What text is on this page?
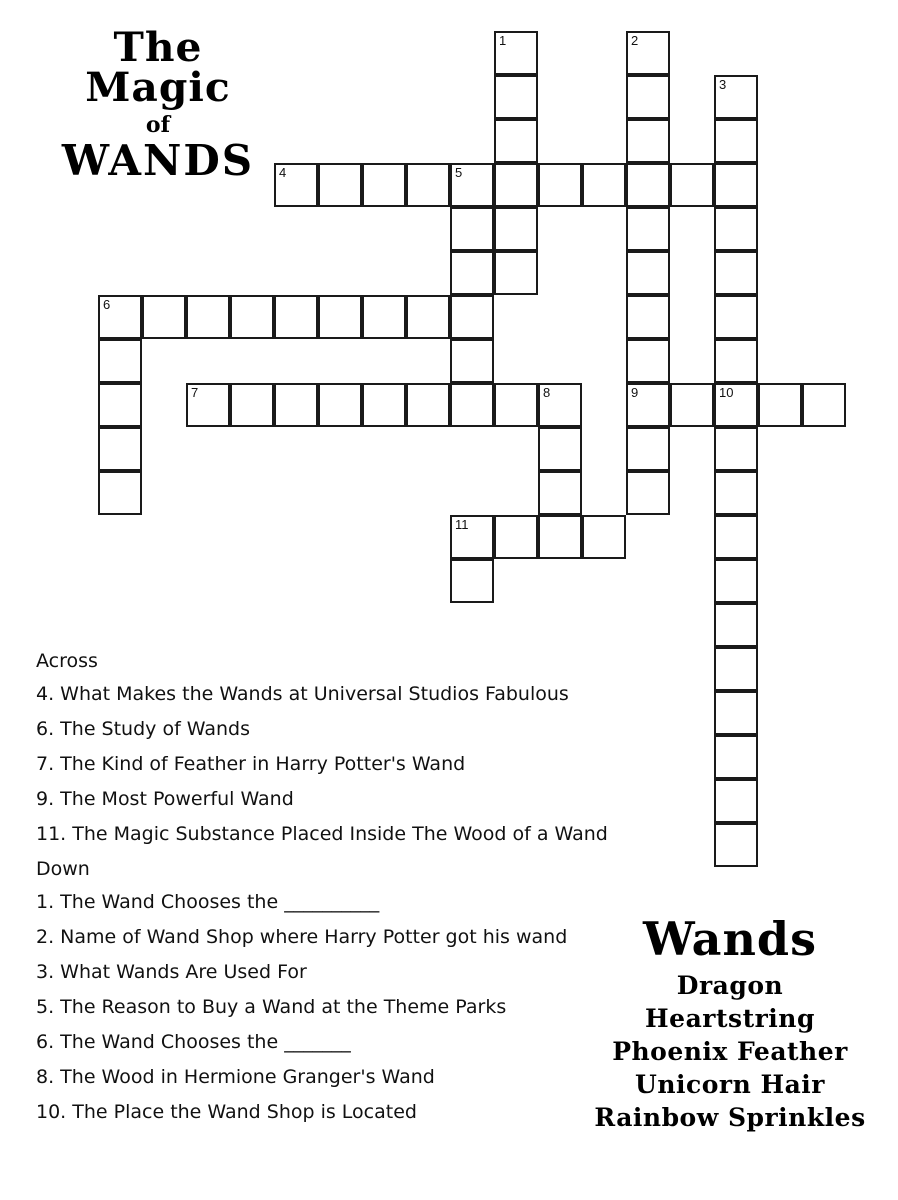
The Magic
of
WANDS
1	2
3
4	5
6
7	8	9	10
11

Across

4. What Makes the Wands at Universal Studios Fabulous
6. The Study of Wands
7. The Kind of Feather in Harry Potter's Wand
9. The Most Powerful Wand
11. The Magic Substance Placed Inside The Wood of a Wand

Down

1. The Wand Chooses the __________
2. Name of Wand Shop where Harry Potter got his wand
3. What Wands Are Used For
5. The Reason to Buy a Wand at the Theme Parks
6. The Wand Chooses the _______
8. The Wood in Hermione Granger's Wand
10. The Place the Wand Shop is Located
Wands
Dragon Heartstring
Phoenix Feather
Unicorn Hair
Rainbow Sprinkles
